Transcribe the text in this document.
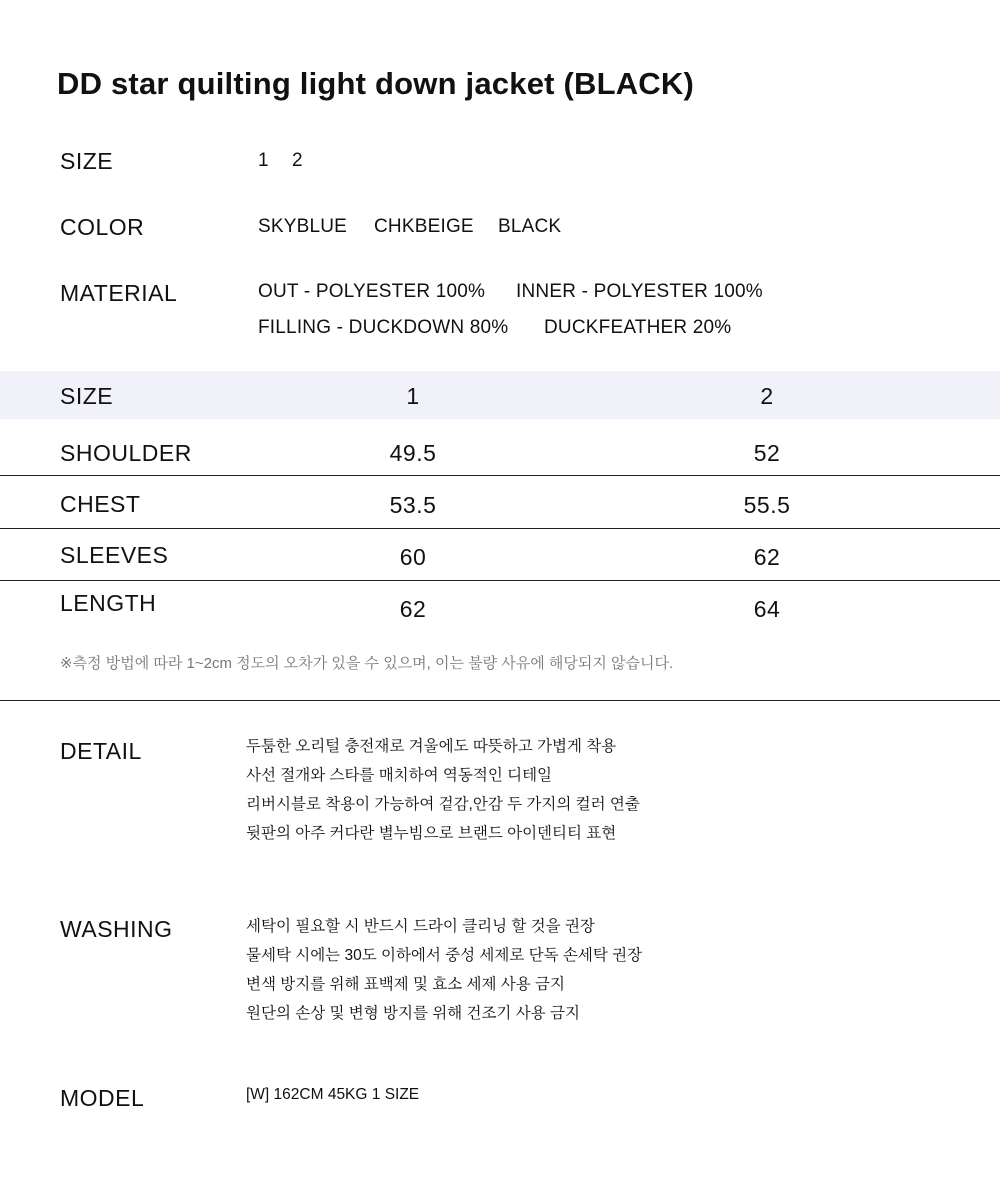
DD star quilting light down jacket (BLACK)
SIZE	1 2
COLOR	SKYBLUE CHKBEIGE BLACK
MATERIAL	OUT - POLYESTER 100% INNER - POLYESTER 100%
FILLING - DUCKDOWN 80% DUCKFEATHER 20%
SIZE	1	2
SHOULDER	49.5	52
CHEST	53.5	55.5
SLEEVES	60	62
LENGTH	62	64
※측정 방법에 따라 1~2cm 정도의 오차가 있을 수 있으며, 이는 불량 사유에 해당되지 않습니다.
DETAIL	두툼한 오리털 충전재로 겨울에도 따뜻하고 가볍게 착용
사선 절개와 스타를 매치하여 역동적인 디테일
리버시블로 착용이 가능하여 겉감,안감 두 가지의 컬러 연출
뒷판의 아주 커다란 별누빔으로 브랜드 아이덴티티 표현
WASHING	세탁이 필요할 시 반드시 드라이 클리닝 할 것을 권장
물세탁 시에는 30도 이하에서 중성 세제로 단독 손세탁 권장
변색 방지를 위해 표백제 및 효소 세제 사용 금지
원단의 손상 및 변형 방지를 위해 건조기 사용 금지
MODEL	[W] 162CM 45KG 1 SIZE
